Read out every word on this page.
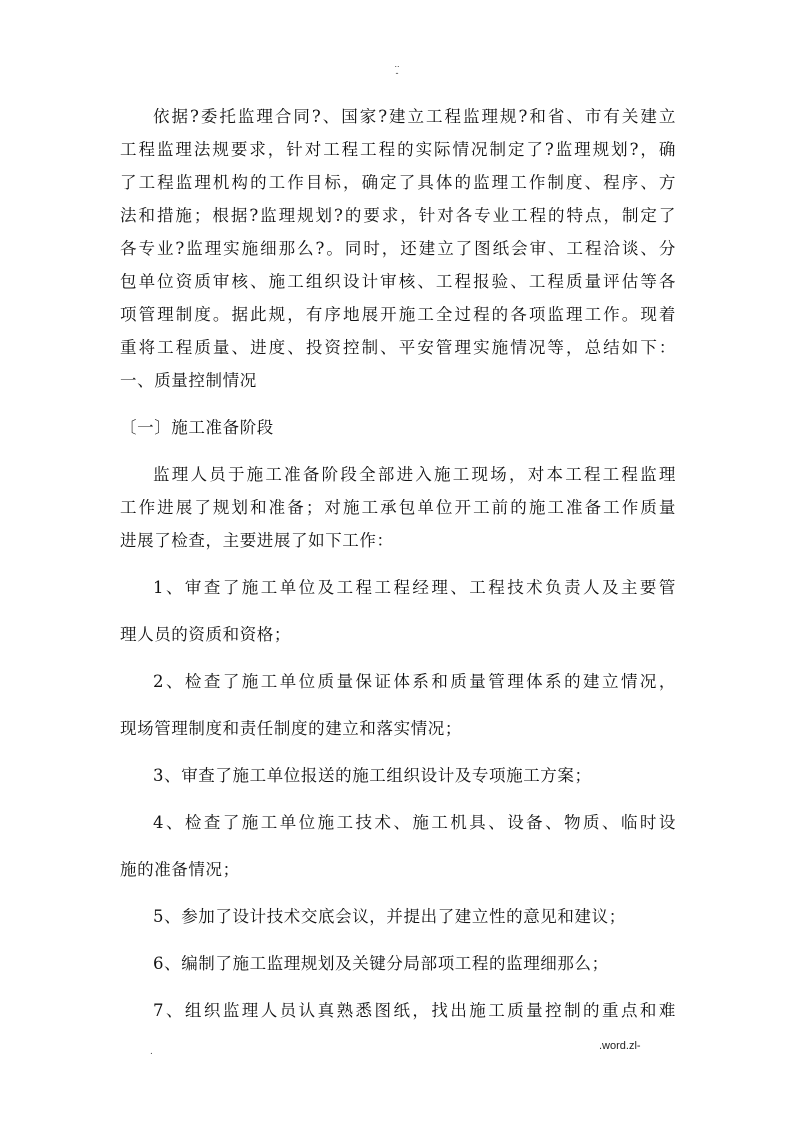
..
-

依据?委托监理合同?、国家?建立工程监理规?和省、市有关建立

工程监理法规要求，针对工程工程的实际情况制定了?监理规划?，确

了工程监理机构的工作目标，确定了具体的监理工作制度、程序、方

法和措施；根据?监理规划?的要求，针对各专业工程的特点，制定了

各专业?监理实施细那么?。同时，还建立了图纸会审、工程洽谈、分

包单位资质审核、施工组织设计审核、工程报验、工程质量评估等各

项管理制度。据此规，有序地展开施工全过程的各项监理工作。现着

重将工程质量、进度、投资控制、平安管理实施情况等，总结如下：

一、质量控制情况

〔一〕施工准备阶段

监理人员于施工准备阶段全部进入施工现场，对本工程工程监理

工作进展了规划和准备；对施工承包单位开工前的施工准备工作质量

进展了检查，主要进展了如下工作：

1、审查了施工单位及工程工程经理、工程技术负责人及主要管

理人员的资质和资格；

2、检查了施工单位质量保证体系和质量管理体系的建立情况，

现场管理制度和责任制度的建立和落实情况；

3、审查了施工单位报送的施工组织设计及专项施工方案；

4、检查了施工单位施工技术、施工机具、设备、物质、临时设

施的准备情况；

5、参加了设计技术交底会议，并提出了建立性的意见和建议；

6、编制了施工监理规划及关键分局部项工程的监理细那么；

7、组织监理人员认真熟悉图纸，找出施工质量控制的重点和难

.	.word.zl-
